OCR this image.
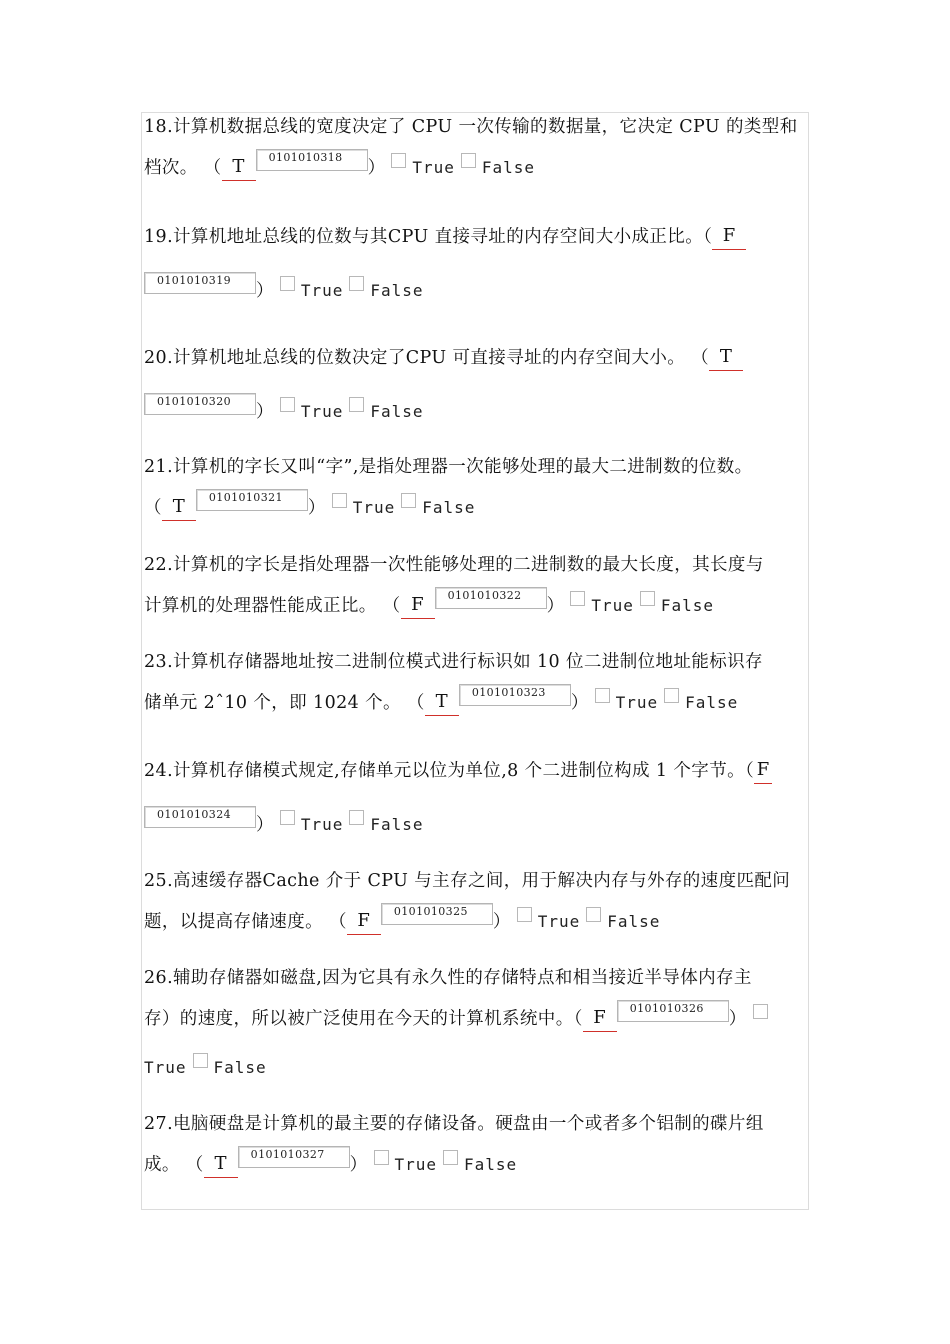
18.计算机数据总线的宽度决定了 CPU 一次传输的数据量，它决定 CPU 的类型和
档次。 （ T 0101010318） True False
19.计算机地址总线的位数与其CPU 直接寻址的内存空间大小成正比。（ F
0101010319） True False
20.计算机地址总线的位数决定了CPU 可直接寻址的内存空间大小。 （ T
0101010320） True False
21.计算机的字长又叫“字”,是指处理器一次能够处理的最大二进制数的位数。
（ T 0101010321） True False
22.计算机的字长是指处理器一次性能够处理的二进制数的最大长度，其长度与
计算机的处理器性能成正比。 （ F 0101010322） True False
23.计算机存储器地址按二进制位模式进行标识如 10 位二进制位地址能标识存
储单元 2ˆ10 个，即 1024 个。 （ T 0101010323） True False
24.计算机存储模式规定,存储单元以位为单位,8 个二进制位构成 1 个字节。（ F
0101010324） True False
25.高速缓存器Cache 介于 CPU 与主存之间，用于解决内存与外存的速度匹配问
题，以提高存储速度。 （ F 0101010325） True False
26.辅助存储器如磁盘,因为它具有永久性的存储特点和相当接近半导体内存主
存）的速度，所以被广泛使用在今天的计算机系统中。（ F 0101010326）
True False
27.电脑硬盘是计算机的最主要的存储设备。硬盘由一个或者多个铝制的碟片组
成。 （ T 0101010327） True False
